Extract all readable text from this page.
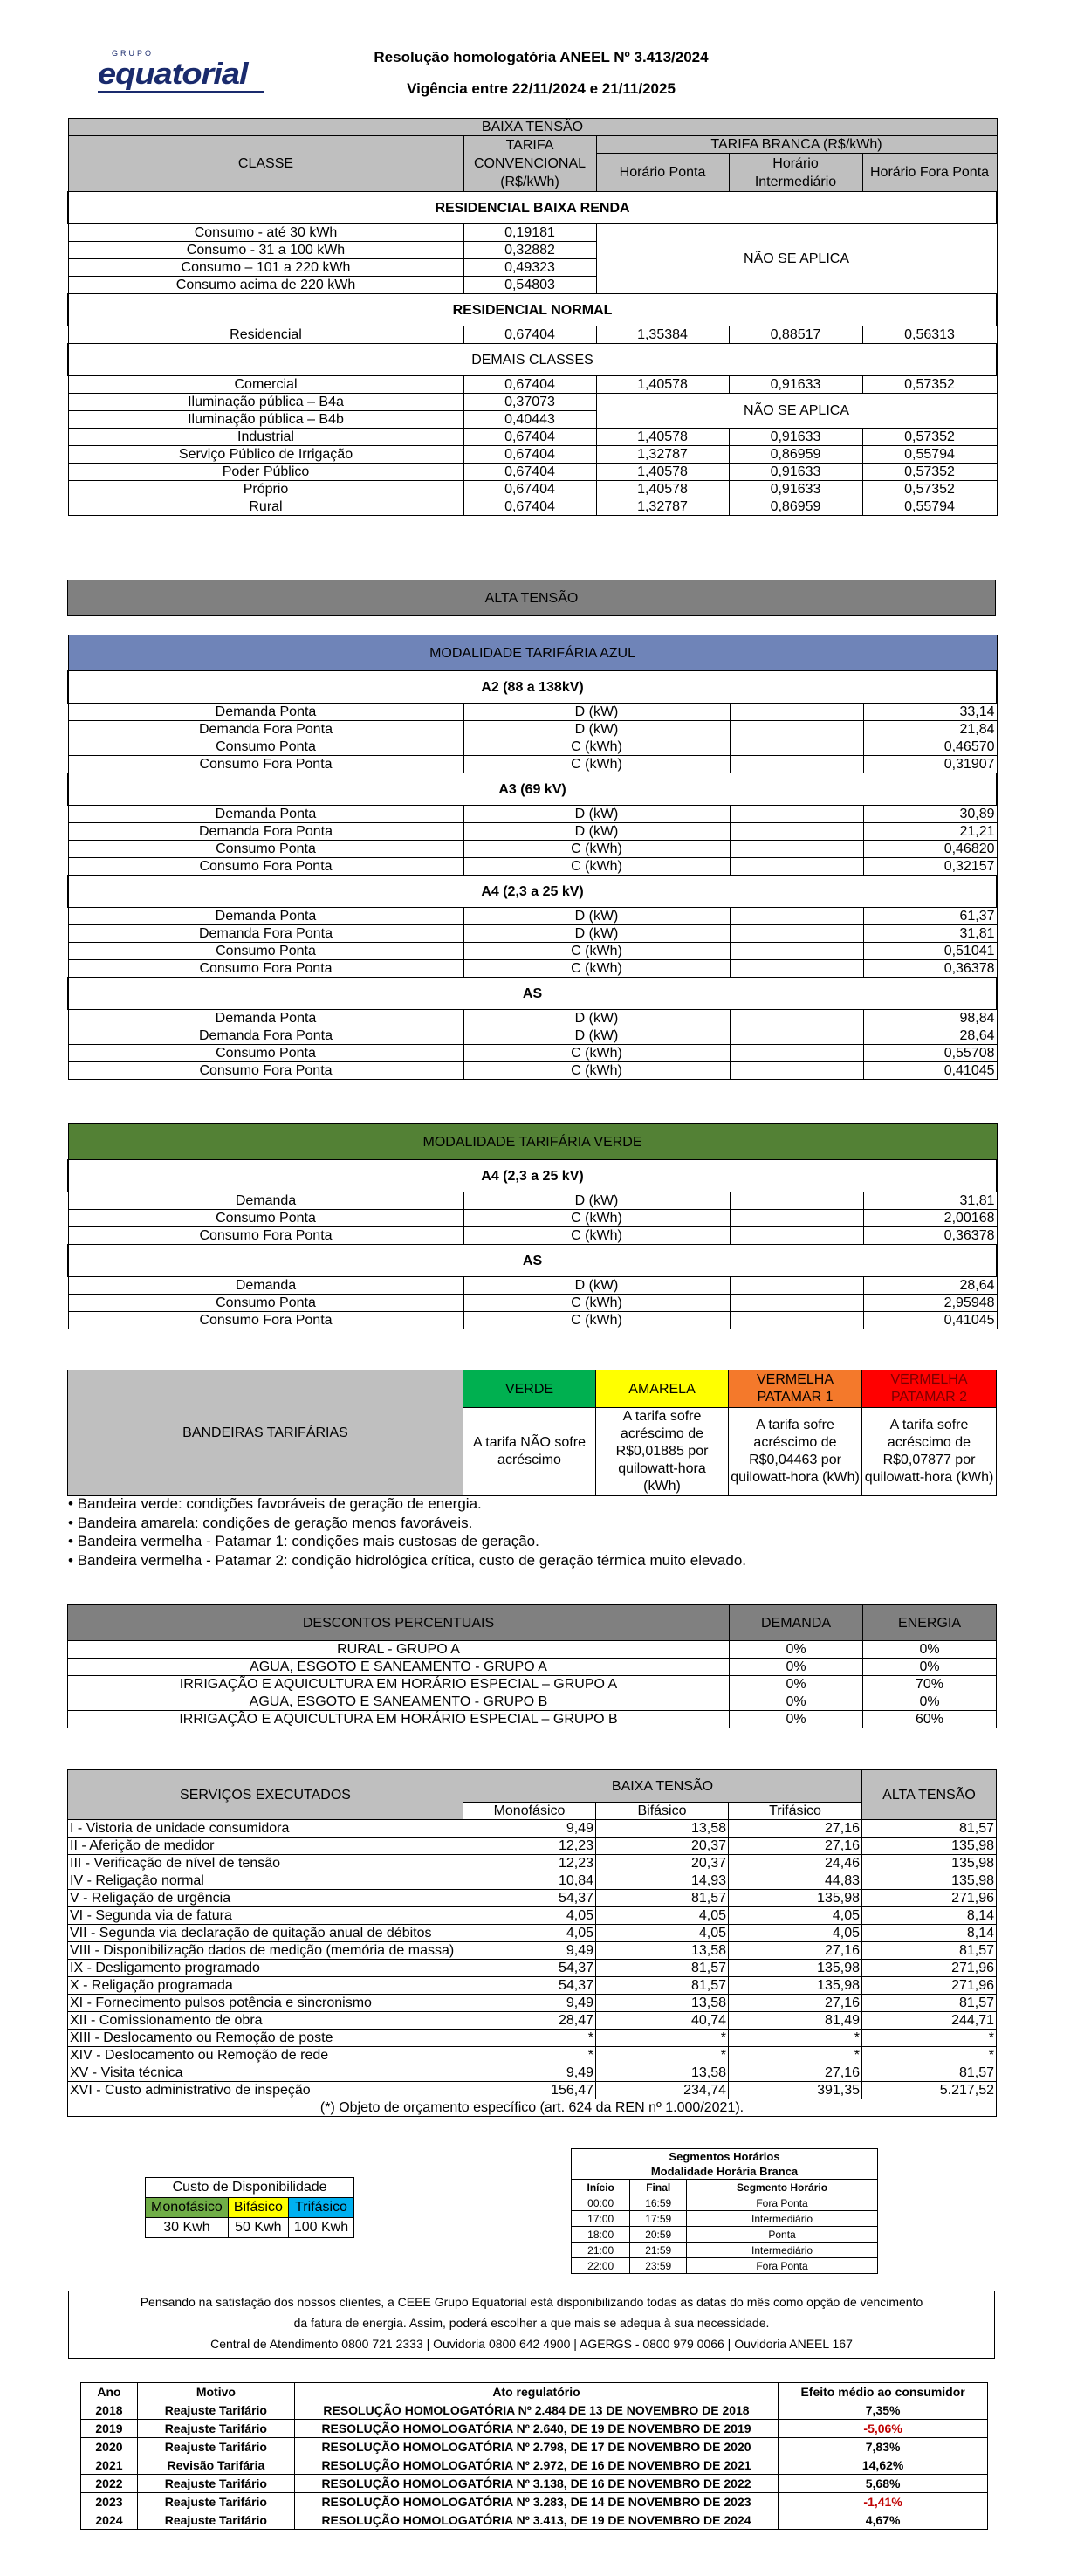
GRUPO
equatorial
Resolução homologatória ANEEL Nº 3.413/2024
Vigência entre 22/11/2024 e 21/11/2025
BAIXA TENSÃO				
CLASSE	TARIFA CONVENCIONAL (R$/kWh)	TARIFA BRANCA (R$/kWh)		
		Horário Ponta	Horário Intermediário	Horário Fora Ponta
RESIDENCIAL BAIXA RENDA				
Consumo - até 30 kWh	0,19181	NÃO SE APLICA		
Consumo - 31 a 100 kWh	0,32882			
Consumo – 101 a 220 kWh	0,49323			
Consumo acima de 220 kWh	0,54803			
RESIDENCIAL NORMAL				
Residencial	0,67404	1,35384	0,88517	0,56313
DEMAIS CLASSES				
Comercial	0,67404	1,40578	0,91633	0,57352
Iluminação pública – B4a	0,37073	NÃO SE APLICA		
Iluminação pública – B4b	0,40443			
Industrial	0,67404	1,40578	0,91633	0,57352
Serviço Público de Irrigação	0,67404	1,32787	0,86959	0,55794
Poder Público	0,67404	1,40578	0,91633	0,57352
Próprio	0,67404	1,40578	0,91633	0,57352
Rural	0,67404	1,32787	0,86959	0,55794
ALTA TENSÃO
MODALIDADE TARIFÁRIA AZUL			
A2 (88 a 138kV)			
Demanda Ponta	D (kW)		33,14
Demanda Fora Ponta	D (kW)		21,84
Consumo Ponta	C (kWh)		0,46570
Consumo Fora Ponta	C (kWh)		0,31907
A3 (69 kV)			
Demanda Ponta	D (kW)		30,89
Demanda Fora Ponta	D (kW)		21,21
Consumo Ponta	C (kWh)		0,46820
Consumo Fora Ponta	C (kWh)		0,32157
A4 (2,3 a 25 kV)			
Demanda Ponta	D (kW)		61,37
Demanda Fora Ponta	D (kW)		31,81
Consumo Ponta	C (kWh)		0,51041
Consumo Fora Ponta	C (kWh)		0,36378
AS			
Demanda Ponta	D (kW)		98,84
Demanda Fora Ponta	D (kW)		28,64
Consumo Ponta	C (kWh)		0,55708
Consumo Fora Ponta	C (kWh)		0,41045
MODALIDADE TARIFÁRIA VERDE			
A4 (2,3 a 25 kV)			
Demanda	D (kW)		31,81
Consumo Ponta	C (kWh)		2,00168
Consumo Fora Ponta	C (kWh)		0,36378
AS			
Demanda	D (kW)		28,64
Consumo Ponta	C (kWh)		2,95948
Consumo Fora Ponta	C (kWh)		0,41045
BANDEIRAS TARIFÁRIAS	VERDE	AMARELA	VERMELHA PATAMAR 1	VERMELHA PATAMAR 2
	A tarifa NÃO sofre acréscimo	A tarifa sofre acréscimo de R$0,01885 por quilowatt-hora (kWh)	A tarifa sofre acréscimo de R$0,04463 por quilowatt-hora (kWh)	A tarifa sofre acréscimo de R$0,07877 por quilowatt-hora (kWh)
• Bandeira verde: condições favoráveis de geração de energia.
• Bandeira amarela: condições de geração menos favoráveis.
• Bandeira vermelha - Patamar 1: condições mais custosas de geração.
• Bandeira vermelha - Patamar 2: condição hidrológica crítica, custo de geração térmica muito elevado.
DESCONTOS PERCENTUAIS	DEMANDA	ENERGIA
RURAL - GRUPO A	0%	0%
AGUA, ESGOTO E SANEAMENTO - GRUPO A	0%	0%
IRRIGAÇÃO E AQUICULTURA EM HORÁRIO ESPECIAL – GRUPO A	0%	70%
AGUA, ESGOTO E SANEAMENTO - GRUPO B	0%	0%
IRRIGAÇÃO E AQUICULTURA EM HORÁRIO ESPECIAL – GRUPO B	0%	60%
SERVIÇOS EXECUTADOS	BAIXA TENSÃO			ALTA TENSÃO
	Monofásico	Bifásico	Trifásico	
I - Vistoria de unidade consumidora	9,49	13,58	27,16	81,57
II - Aferição de medidor	12,23	20,37	27,16	135,98
III - Verificação de nível de tensão	12,23	20,37	24,46	135,98
IV - Religação normal	10,84	14,93	44,83	135,98
V - Religação de urgência	54,37	81,57	135,98	271,96
VI - Segunda via de fatura	4,05	4,05	4,05	8,14
VII - Segunda via declaração de quitação anual de débitos	4,05	4,05	4,05	8,14
VIII - Disponibilização dados de medição (memória de massa)	9,49	13,58	27,16	81,57
IX - Desligamento programado	54,37	81,57	135,98	271,96
X - Religação programada	54,37	81,57	135,98	271,96
XI - Fornecimento pulsos potência e sincronismo	9,49	13,58	27,16	81,57
XII - Comissionamento de obra	28,47	40,74	81,49	244,71
XIII - Deslocamento ou Remoção de poste	*	*	*	*
XIV - Deslocamento ou Remoção de rede	*	*	*	*
XV - Visita técnica	9,49	13,58	27,16	81,57
XVI - Custo administrativo de inspeção	156,47	234,74	391,35	5.217,52
(*) Objeto de orçamento específico (art. 624 da REN nº 1.000/2021).				
Custo de Disponibilidade		
Monofásico	Bifásico	Trifásico
30 Kwh	50 Kwh	100 Kwh
Segmentos Horários		
Modalidade Horária Branca		
Início	Final	Segmento Horário
00:00	16:59	Fora Ponta
17:00	17:59	Intermediário
18:00	20:59	Ponta
21:00	21:59	Intermediário
22:00	23:59	Fora Ponta
Pensando na satisfação dos nossos clientes, a CEEE Grupo Equatorial está disponibilizando todas as datas do mês como opção de vencimento
da fatura de energia. Assim, poderá escolher a que mais se adequa à sua necessidade.
Central de Atendimento 0800 721 2333 | Ouvidoria 0800 642 4900 | AGERGS - 0800 979 0066 | Ouvidoria ANEEL 167
Ano	Motivo	Ato regulatório	Efeito médio ao consumidor
2018	Reajuste Tarifário	RESOLUÇÃO HOMOLOGATÓRIA Nº 2.484 DE 13 DE NOVEMBRO DE 2018	7,35%
2019	Reajuste Tarifário	RESOLUÇÃO HOMOLOGATÓRIA Nº 2.640, DE 19 DE NOVEMBRO DE 2019	-5,06%
2020	Reajuste Tarifário	RESOLUÇÃO HOMOLOGATÓRIA Nº 2.798, DE 17 DE NOVEMBRO DE 2020	7,83%
2021	Revisão Tarifária	RESOLUÇÃO HOMOLOGATÓRIA Nº 2.972, DE 16 DE NOVEMBRO DE 2021	14,62%
2022	Reajuste Tarifário	RESOLUÇÃO HOMOLOGATÓRIA Nº 3.138, DE 16 DE NOVEMBRO DE 2022	5,68%
2023	Reajuste Tarifário	RESOLUÇÃO HOMOLOGATÓRIA Nº 3.283, DE 14 DE NOVEMBRO DE 2023	-1,41%
2024	Reajuste Tarifário	RESOLUÇÃO HOMOLOGATÓRIA Nº 3.413, DE 19 DE NOVEMBRO DE 2024	4,67%
